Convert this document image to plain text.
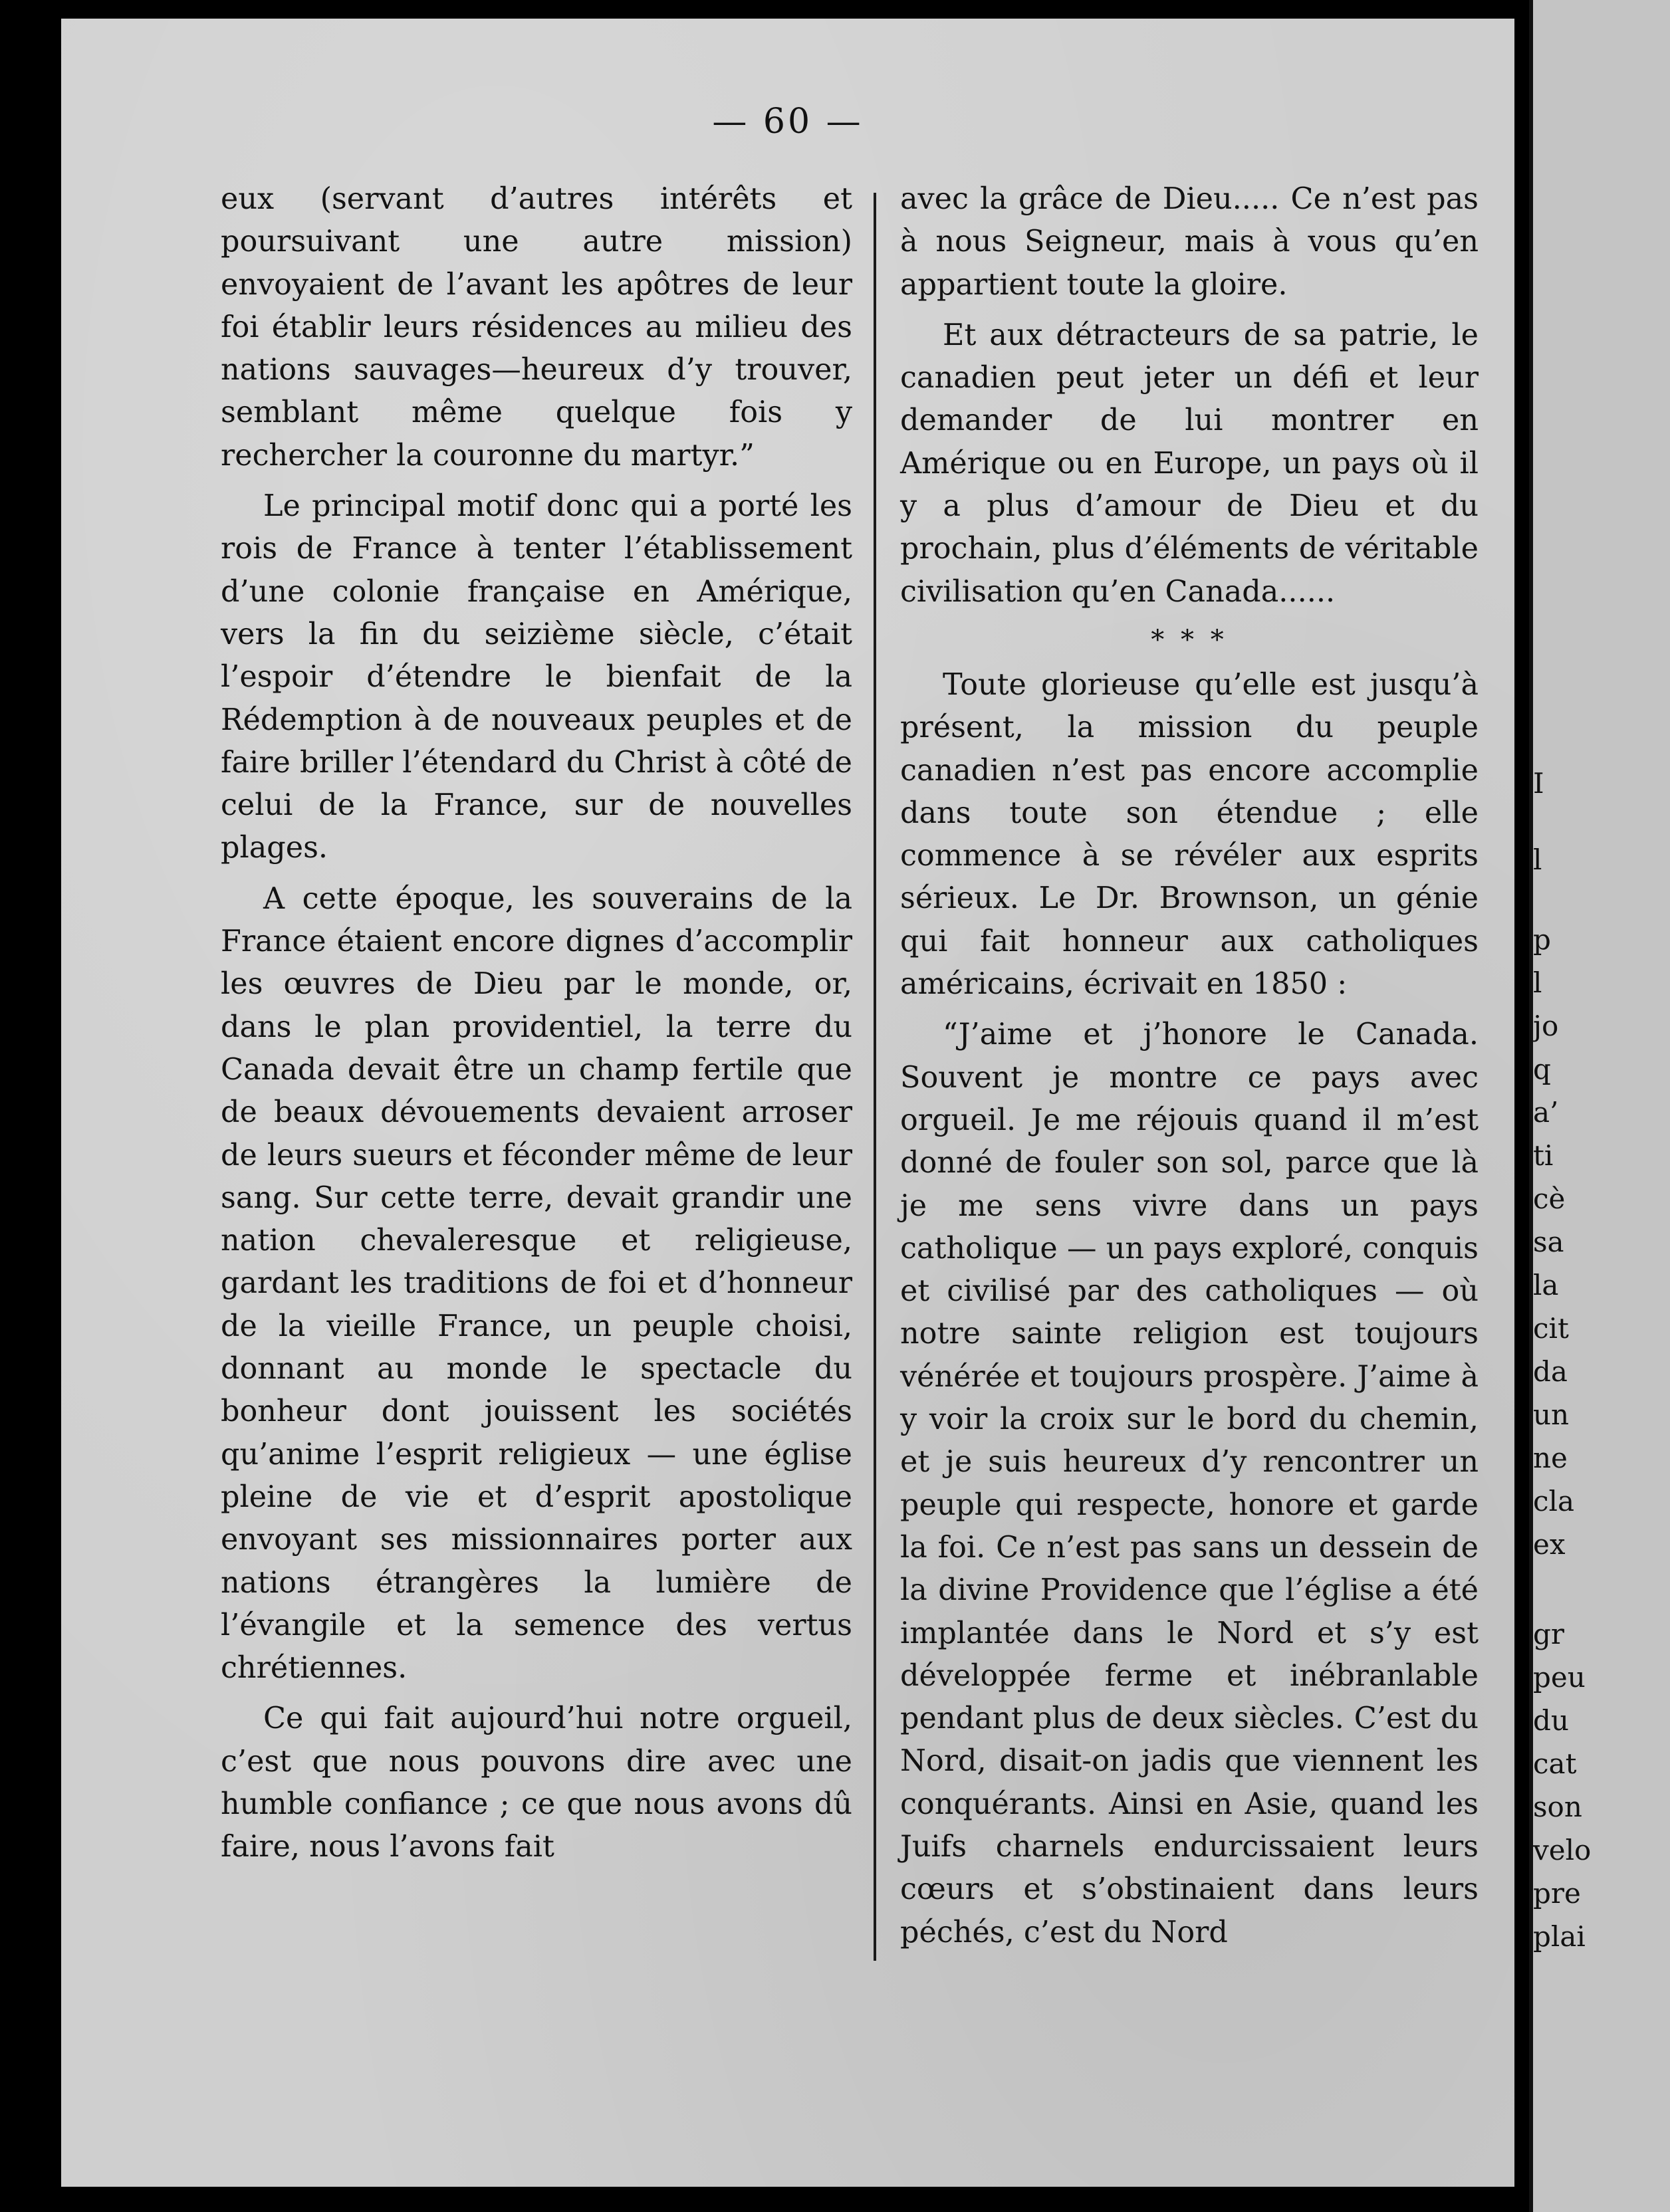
— 60 —

eux (servant d’autres intérêts et poursuivant une autre mission) envoyaient de l’avant les apôtres de leur foi établir leurs résidences au milieu des nations sauvages—heureux d’y trouver, semblant même quelque fois y rechercher la couronne du martyr.”

Le principal motif donc qui a porté les rois de France à tenter l’établissement d’une colonie française en Amérique, vers la fin du seizième siècle, c’était l’espoir d’étendre le bienfait de la Rédemption à de nouveaux peuples et de faire briller l’étendard du Christ à côté de celui de la France, sur de nouvelles plages.

A cette époque, les souverains de la France étaient encore dignes d’accomplir les œuvres de Dieu par le monde, or, dans le plan providentiel, la terre du Canada devait être un champ fertile que de beaux dévouements devaient arroser de leurs sueurs et féconder même de leur sang. Sur cette terre, devait grandir une nation chevaleresque et religieuse, gardant les traditions de foi et d’honneur de la vieille France, un peuple choisi, donnant au monde le spectacle du bonheur dont jouissent les sociétés qu’anime l’esprit religieux — une église pleine de vie et d’esprit apostolique envoyant ses missionnaires porter aux nations étrangères la lumière de l’évangile et la semence des vertus chrétiennes.

Ce qui fait aujourd’hui notre orgueil, c’est que nous pouvons dire avec une humble confiance ; ce que nous avons dû faire, nous l’avons fait

avec la grâce de Dieu..... Ce n’est pas à nous Seigneur, mais à vous qu’en appartient toute la gloire.

Et aux détracteurs de sa patrie, le canadien peut jeter un défi et leur demander de lui montrer en Amérique ou en Europe, un pays où il y a plus d’amour de Dieu et du prochain, plus d’éléments de véritable civilisation qu’en Canada......

* * *

Toute glorieuse qu’elle est jusqu’à présent, la mission du peuple canadien n’est pas encore accomplie dans toute son étendue ; elle commence à se révéler aux esprits sérieux. Le Dr. Brownson, un génie qui fait honneur aux catholiques américains, écrivait en 1850 :

“J’aime et j’honore le Canada. Souvent je montre ce pays avec orgueil. Je me réjouis quand il m’est donné de fouler son sol, parce que là je me sens vivre dans un pays catholique — un pays exploré, conquis et civilisé par des catholiques — où notre sainte religion est toujours vénérée et toujours prospère. J’aime à y voir la croix sur le bord du chemin, et je suis heureux d’y rencontrer un peuple qui respecte, honore et garde la foi. Ce n’est pas sans un dessein de la divine Providence que l’église a été implantée dans le Nord et s’y est développée ferme et inébranlable pendant plus de deux siècles. C’est du Nord, disait-on jadis que viennent les conquérants. Ainsi en Asie, quand les Juifs charnels endurcissaient leurs cœurs et s’obstinaient dans leurs péchés, c’est du Nord

I
l
p
l
jo
q
a’
ti
cè
sa
la
cit
da
un
ne
cla
ex
gr
peu
du
cat
son
velo
pre
plai
